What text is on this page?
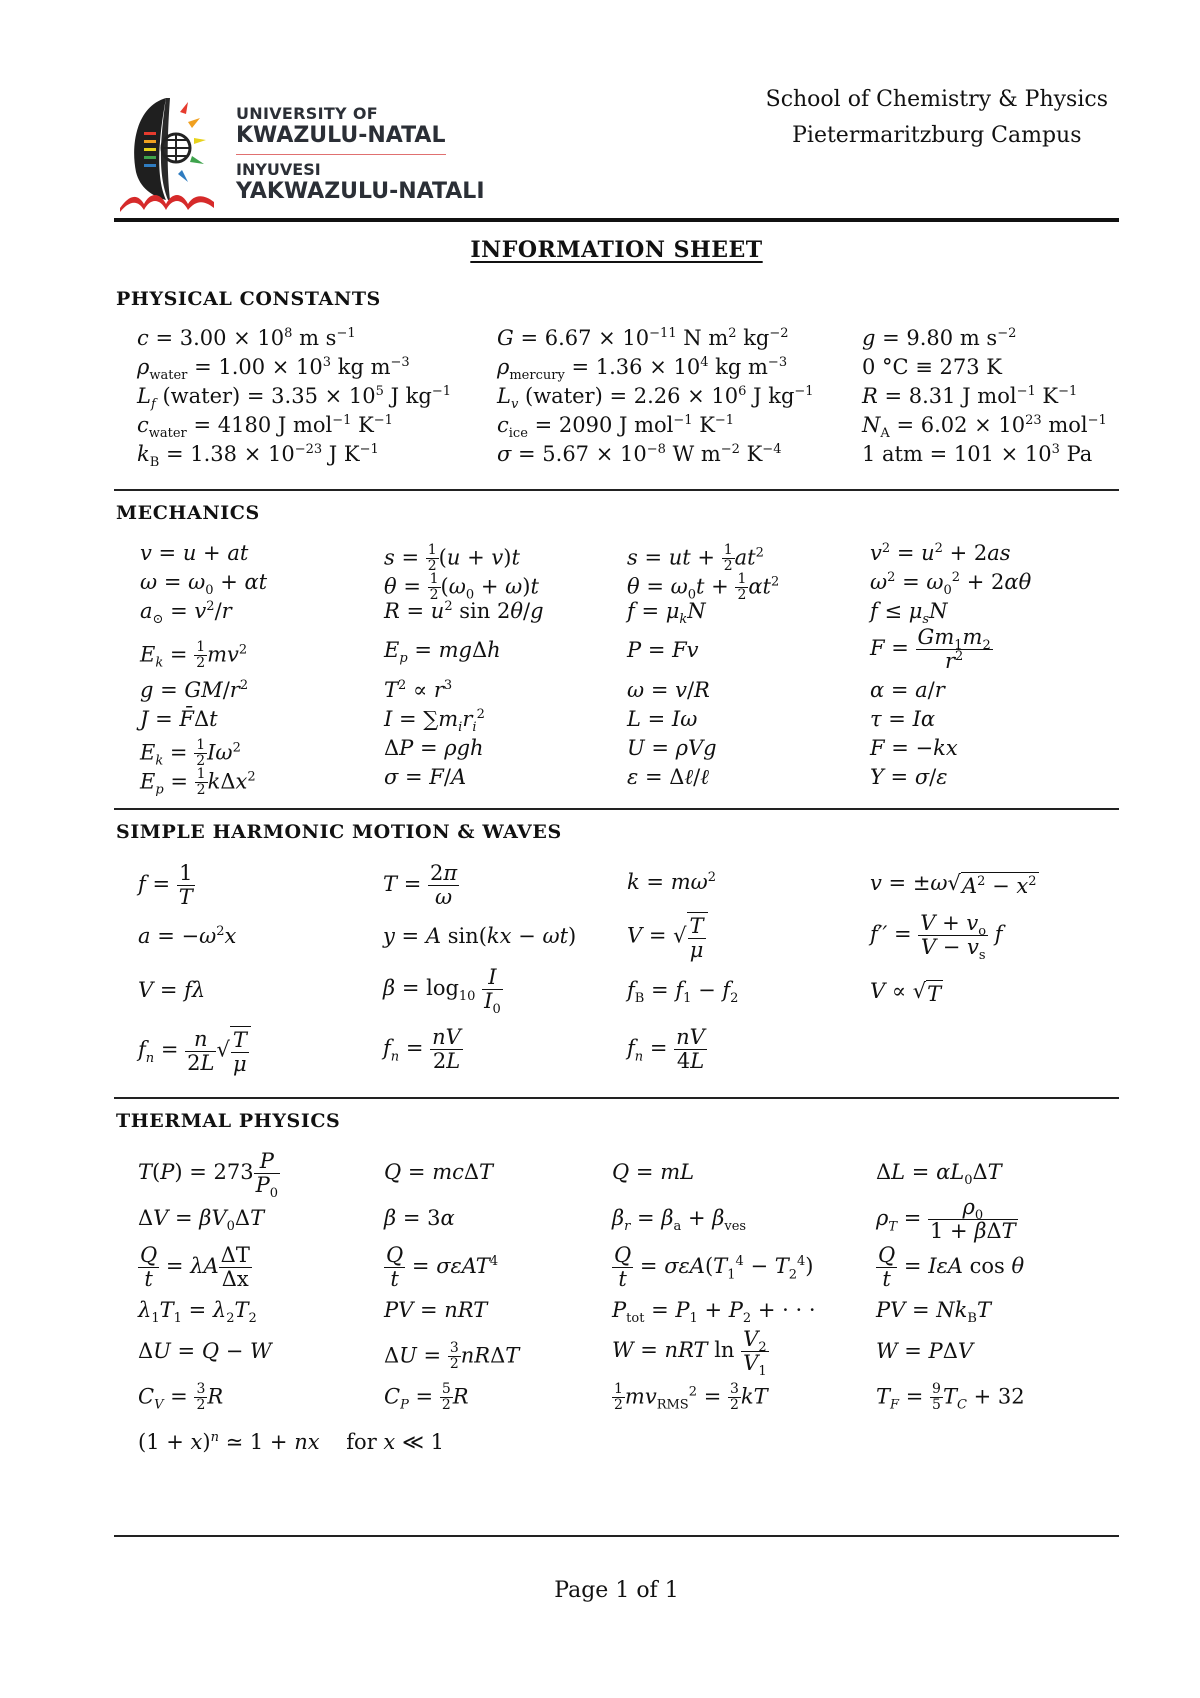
UNIVERSITY OF
KWAZULU-NATAL
INYUVESI
YAKWAZULU-NATALI
School of Chemistry & Physics
Pietermaritzburg Campus
INFORMATION SHEET
PHYSICAL CONSTANTS
$c = 3.00 \times 10^8$ m $s^{-1}$
$\rho_{water} = 1.00 \times 10^3$ kg $m^{-3}$
$L_f$ (water) = $3.35 \times 10^5$ J $kg^{-1}$
$c_{water} = 4180$ J mol$^{-1}$ $K^{-1}$
$k_B = 1.38 \times 10^{-23}$ J $K^{-1}$
$G = 6.67 \times 10^{-11}$ N $m^2$ $kg^{-2}$
$\rho_{mercury} = 1.36 \times 10^4$ kg $m^{-3}$
$L_v$ (water) = $2.26 \times 10^6$ J $kg^{-1}$
$c_{ice} = 2090$ J mol$^{-1}$ $K^{-1}$
$\sigma = 5.67 \times 10^{-8}$ W $m^{-2}$ $K^{-4}$
g = 9.80 m $s^{-2}$
0 °C ≡ 273 K
R = 8.31 J mol$^{-1}$ $K^{-1}$
$N_A = 6.02 \times 10^{23}$ mol$^{-1}$
1 atm = $101 \times 10^3$ Pa
MECHANICS
v = u + at
$\omega = \omega_0 + \alpha t$
$a_⊙ = v^2/r$
$E_k = \frac{1}{2} mv^2$
$g = GM/r^2$
J = F̄Δt
$E_k = \frac{1}{2} I\omega^2$
$E_p = \frac{1}{2} k\Delta x^2$
$s = \frac{1}{2} (u + v)t$
$\theta = \frac{1}{2} (\omega_0 + \omega)t$
$R = u^2$ sin 2θ/g
$E_p = mg\Delta h$
$T^2 \propto r^3$
$I = \sum m_ir_i^2$
ΔP = ρgh
σ = F/A
s = ut + $\frac{1}{2} at^2$
$\theta = \omega_0t + \frac{1}{2} \alpha t^2$
$f = \mu_kN$
P = Fv
ω = v/R
L = Iω
U = ρVg
ε = Δℓ/ℓ
$v^2 = u^2 + 2as$
$\omega^2 = \omega_0^2 + 2\alpha\theta$
$f \le \mu_sN$
$F = \frac{Gm_1m_2}{r^2}$
α = a/r
τ = Iα
F = −kx
Y = σ/ε
SIMPLE HARMONIC MOTION & WAVES
$f = \frac{1}{T}$
$a = -\omega^2x$
V = fλ
$f_n = \frac{n}{2L}$ √ $\frac{T}{\mu}$
$T = \frac{2\pi}{\omega}$
y = A sin(kx − ωt)
$\beta = \log_{10} \frac{I}{I_0}$
$f_n = \frac{nV}{2L}$
$k = m\omega^2$
V = √ $\frac{T}{\mu}$
$f_B = f_1 - f_2$
$f_n = \frac{nV}{4L}$
$v = \pm\omega√A^2 - x^2$
$f'' = \frac{V + v_o}{V - v_s}$ f
V ∝ √T
THERMAL PHYSICS
$T(P) = 273 \frac{P}{P_0}$
$\Delta V = \beta V_0\Delta T$
$\frac{Q}{t} = \lambda A \frac{\Delta T}{\Delta x}$
$\lambda_1T_1 = \lambda_2T_2$
ΔU = Q − W
$C_V = \frac{3}{2}$ R
$(1 + x)^n$ ≃ 1 + nx    for x ≪ 1
Q = mcΔT
β = 3α
$\frac{Q}{t} = \sigma\varepsilon AT^4$
PV = nRT
$\Delta U = \frac{3}{2}$ nRΔT
$C_P = \frac{5}{2}$ R
Q = mL
$\beta_r = \beta_a + \beta_{ves}$
$\frac{Q}{t} = \sigma\varepsilon A(T_1^4 - T_2^4)$
$P_{tot} = P_1 + P_2$ + · · ·
W = nRT $\ln \frac{V_2}{V_1}$
$\frac{1}{2} mv_{RMS}^2 = \frac{3}{2}$ kT
$\Delta L = \alpha L_0\Delta T$
$\rho_T = \frac{\rho_0}{\text{1 + βΔT}}$
$\frac{Q}{t} = I\varepsilon A$ cos θ
PV = $Nk_BT$
W = PΔV
$T_F = \frac{9}{5} T_C + 32$
Page 1 of 1
